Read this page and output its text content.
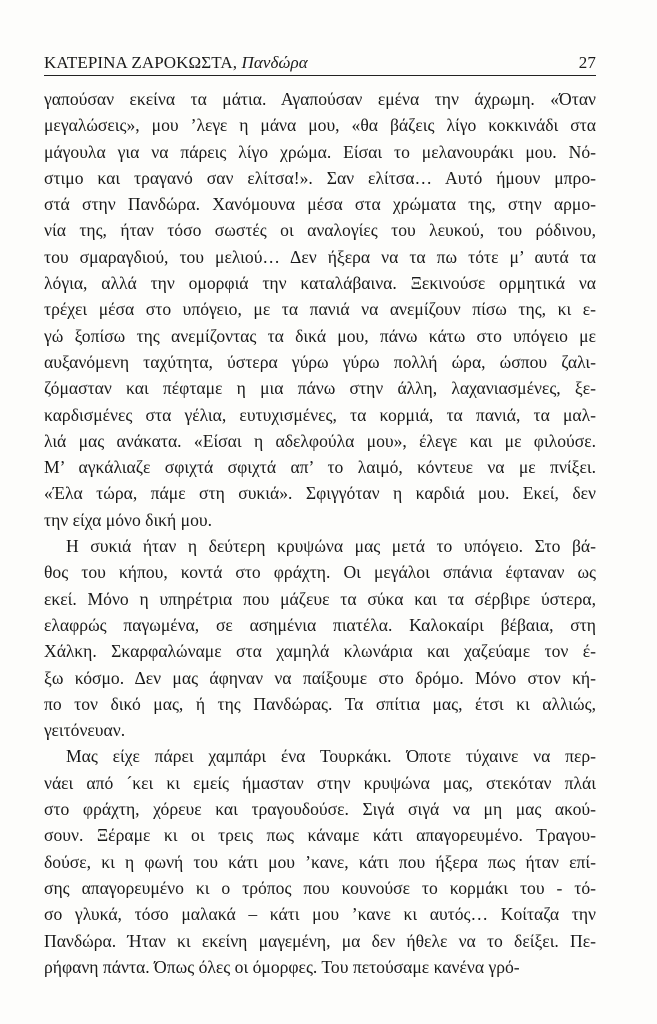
ΚΑΤΕΡΙΝΑ ΖΑΡΟΚΩΣΤΑ, Πανδώρα	27
γαπούσαν εκείνα τα μάτια. Αγαπούσαν εμένα την άχρωμη. «Όταν
μεγαλώσεις», μου ’λεγε η μάνα μου, «θα βάζεις λίγο κοκκινάδι στα
μάγουλα για να πάρεις λίγο χρώμα. Είσαι το μελανουράκι μου. Νό-
στιμο και τραγανό σαν ελίτσα!». Σαν ελίτσα… Αυτό ήμουν μπρο-
στά στην Πανδώρα. Χανόμουνα μέσα στα χρώματα της, στην αρμο-
νία της, ήταν τόσο σωστές οι αναλογίες του λευκού, του ρόδινου,
του σμαραγδιού, του μελιού… Δεν ήξερα να τα πω τότε μ’ αυτά τα
λόγια, αλλά την ομορφιά την καταλάβαινα. Ξεκινούσε ορμητικά να
τρέχει μέσα στο υπόγειο, με τα πανιά να ανεμίζουν πίσω της, κι ε-
γώ ξοπίσω της ανεμίζοντας τα δικά μου, πάνω κάτω στο υπόγειο με
αυξανόμενη ταχύτητα, ύστερα γύρω γύρω πολλή ώρα, ώσπου ζαλι-
ζόμασταν και πέφταμε η μια πάνω στην άλλη, λαχανιασμένες, ξε-
καρδισμένες στα γέλια, ευτυχισμένες, τα κορμιά, τα πανιά, τα μαλ-
λιά μας ανάκατα. «Είσαι η αδελφούλα μου», έλεγε και με φιλούσε.
Μ’ αγκάλιαζε σφιχτά σφιχτά απ’ το λαιμό, κόντευε να με πνίξει.
«Έλα τώρα, πάμε στη συκιά». Σφιγγόταν η καρδιά μου. Εκεί, δεν
την είχα μόνο δική μου.
Η συκιά ήταν η δεύτερη κρυψώνα μας μετά το υπόγειο. Στο βά-
θος του κήπου, κοντά στο φράχτη. Οι μεγάλοι σπάνια έφταναν ως
εκεί. Μόνο η υπηρέτρια που μάζευε τα σύκα και τα σέρβιρε ύστερα,
ελαφρώς παγωμένα, σε ασημένια πιατέλα. Καλοκαίρι βέβαια, στη
Χάλκη. Σκαρφαλώναμε στα χαμηλά κλωνάρια και χαζεύαμε τον έ-
ξω κόσμο. Δεν μας άφηναν να παίξουμε στο δρόμο. Μόνο στον κή-
πο τον δικό μας, ή της Πανδώρας. Τα σπίτια μας, έτσι κι αλλιώς,
γειτόνευαν.
Μας είχε πάρει χαμπάρι ένα Τουρκάκι. Όποτε τύχαινε να περ-
νάει από ´κει κι εμείς ήμασταν στην κρυψώνα μας, στεκόταν πλάι
στο φράχτη, χόρευε και τραγουδούσε. Σιγά σιγά να μη μας ακού-
σουν. Ξέραμε κι οι τρεις πως κάναμε κάτι απαγορευμένο. Τραγου-
δούσε, κι η φωνή του κάτι μου ’κανε, κάτι που ήξερα πως ήταν επί-
σης απαγορευμένο κι ο τρόπος που κουνούσε το κορμάκι του - τό-
σο γλυκά, τόσο μαλακά – κάτι μου ’κανε κι αυτός… Κοίταζα την
Πανδώρα. Ήταν κι εκείνη μαγεμένη, μα δεν ήθελε να το δείξει. Πε-
ρήφανη πάντα. Όπως όλες οι όμορφες. Του πετούσαμε κανένα γρό-
